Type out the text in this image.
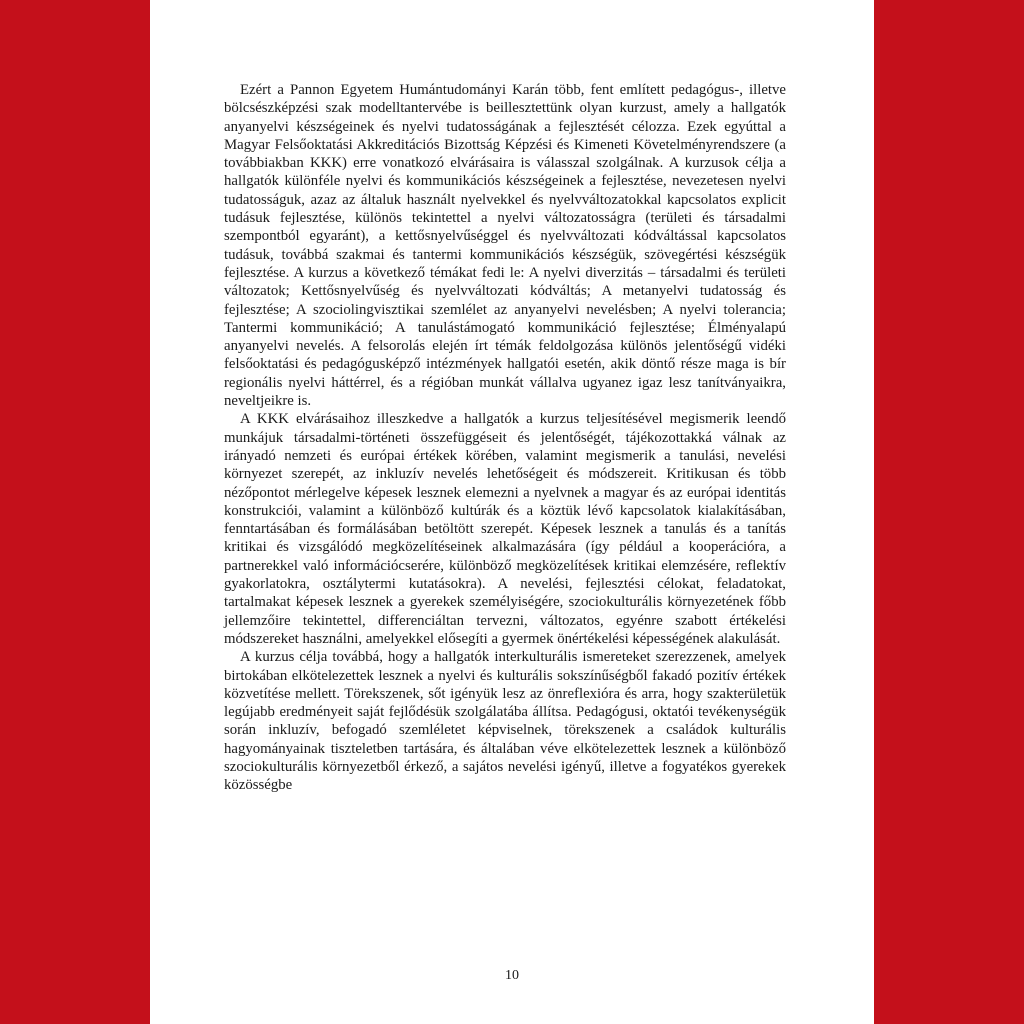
Ezért a Pannon Egyetem Humántudományi Karán több, fent említett pedagógus-, illetve bölcsészképzési szak modelltantervébe is beillesztettünk olyan kurzust, amely a hallgatók anyanyelvi készségeinek és nyelvi tudatosságának a fejlesztését célozza. Ezek egyúttal a Magyar Felsőoktatási Akkreditációs Bizottság Képzési és Kimeneti Követelményrendszere (a továbbiakban KKK) erre vonatkozó elvárásaira is válasszal szolgálnak. A kurzusok célja a hallgatók különféle nyelvi és kommunikációs készségeinek a fejlesztése, nevezetesen nyelvi tudatosságuk, azaz az általuk használt nyelvekkel és nyelvváltozatokkal kapcsolatos explicit tudásuk fejlesztése, különös tekintettel a nyelvi változatosságra (területi és társadalmi szempontból egyaránt), a kettősnyelvűséggel és nyelvváltozati kódváltással kapcsolatos tudásuk, továbbá szakmai és tantermi kommunikációs készségük, szövegértési készségük fejlesztése. A kurzus a következő témákat fedi le: A nyelvi diverzitás – társadalmi és területi változatok; Kettősnyelvűség és nyelvváltozati kódváltás; A metanyelvi tudatosság és fejlesztése; A szociolingvisztikai szemlélet az anyanyelvi nevelésben; A nyelvi tolerancia; Tantermi kommunikáció; A tanulástámogató kommunikáció fejlesztése; Élményalapú anyanyelvi nevelés. A felsorolás elején írt témák feldolgozása különös jelentőségű vidéki felsőoktatási és pedagógusképző intézmények hallgatói esetén, akik döntő része maga is bír regionális nyelvi háttérrel, és a régióban munkát vállalva ugyanez igaz lesz tanítványaikra, neveltjeikre is.

A KKK elvárásaihoz illeszkedve a hallgatók a kurzus teljesítésével megismerik leendő munkájuk társadalmi-történeti összefüggéseit és jelentőségét, tájékozottakká válnak az irányadó nemzeti és európai értékek körében, valamint megismerik a tanulási, nevelési környezet szerepét, az inkluzív nevelés lehetőségeit és módszereit. Kritikusan és több nézőpontot mérlegelve képesek lesznek elemezni a nyelvnek a magyar és az európai identitás konstrukciói, valamint a különböző kultúrák és a köztük lévő kapcsolatok kialakításában, fenntartásában és formálásában betöltött szerepét. Képesek lesznek a tanulás és a tanítás kritikai és vizsgálódó megközelítéseinek alkalmazására (így például a kooperációra, a partnerekkel való információcserére, különböző megközelítések kritikai elemzésére, reflektív gyakorlatokra, osztálytermi kutatásokra). A nevelési, fejlesztési célokat, feladatokat, tartalmakat képesek lesznek a gyerekek személyiségére, szociokulturális környezetének főbb jellemzőire tekintettel, differenciáltan tervezni, változatos, egyénre szabott értékelési módszereket használni, amelyekkel elősegíti a gyermek önértékelési képességének alakulását.

A kurzus célja továbbá, hogy a hallgatók interkulturális ismereteket szerezzenek, amelyek birtokában elkötelezettek lesznek a nyelvi és kulturális sokszínűségből fakadó pozitív értékek közvetítése mellett. Törekszenek, sőt igényük lesz az önreflexióra és arra, hogy szakterületük legújabb eredményeit saját fejlődésük szolgálatába állítsa. Pedagógusi, oktatói tevékenységük során inkluzív, befogadó szemléletet képviselnek, törekszenek a családok kulturális hagyományainak tiszteletben tartására, és általában véve elkötelezettek lesznek a különböző szociokulturális környezetből érkező, a sajátos nevelési igényű, illetve a fogyatékos gyerekek közösségbe

10
